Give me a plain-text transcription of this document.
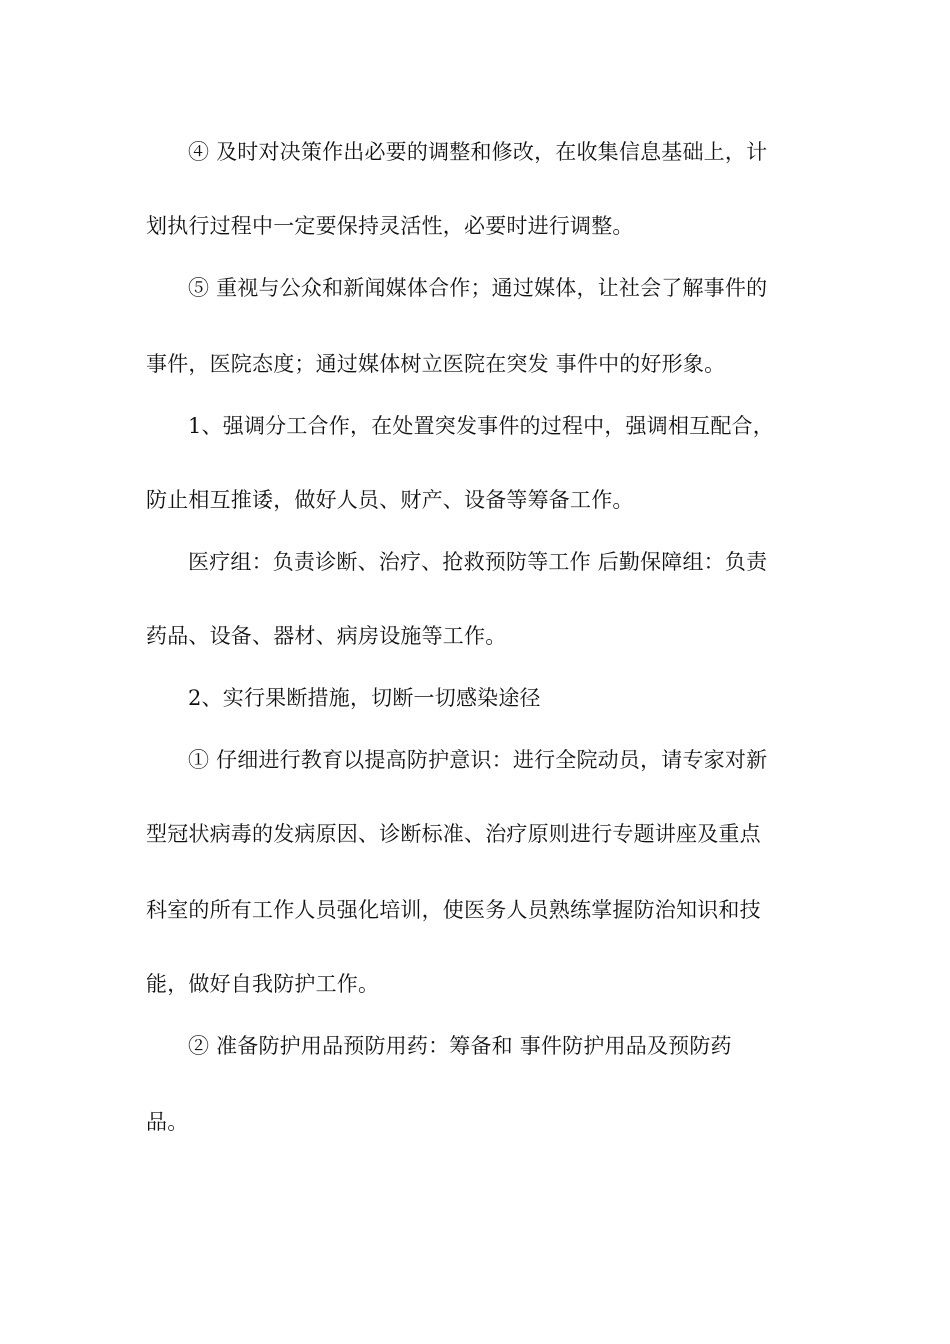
④ 及时对决策作出必要的调整和修改，在收集信息基础上，计
划执行过程中一定要保持灵活性，必要时进行调整。
⑤ 重视与公众和新闻媒体合作；通过媒体，让社会了解事件的
事件，医院态度；通过媒体树立医院在突发 事件中的好形象。
1、强调分工合作，在处置突发事件的过程中，强调相互配合，
防止相互推诿，做好人员、财产、设备等筹备工作。
医疗组：负责诊断、治疗、抢救预防等工作 后勤保障组：负责
药品、设备、器材、病房设施等工作。
2、实行果断措施，切断一切感染途径
① 仔细进行教育以提高防护意识：进行全院动员，请专家对新
型冠状病毒的发病原因、诊断标准、治疗原则进行专题讲座及重点
科室的所有工作人员强化培训，使医务人员熟练掌握防治知识和技
能，做好自我防护工作。
② 准备防护用品预防用药：筹备和 事件防护用品及预防药
品。
